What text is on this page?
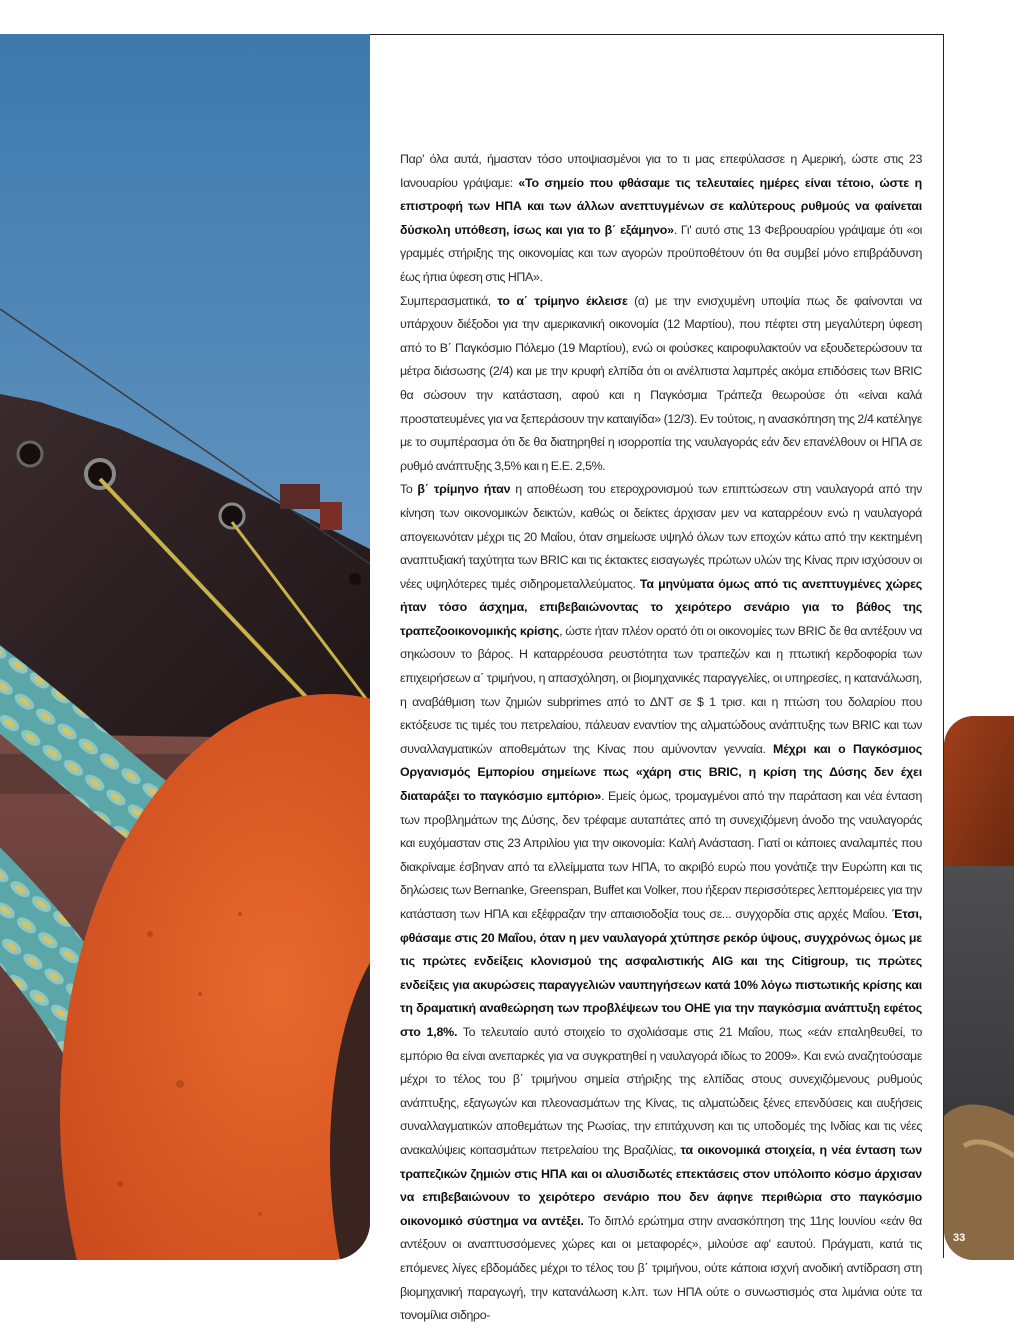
Παρ' όλα αυτά, ήμασταν τόσο υποψιασμένοι για το τι μας επεφύλασσε η Αμερική, ώστε στις 23 Ιανουαρίου γράψαμε: «Το σημείο που φθάσαμε τις τελευταίες ημέρες είναι τέτοιο, ώστε η επιστροφή των ΗΠΑ και των άλλων ανεπτυγμένων σε καλύτερους ρυθμούς να φαίνεται δύσκολη υπόθεση, ίσως και για το β΄ εξάμηνο». Γι' αυτό στις 13 Φεβρουαρίου γράψαμε ότι «οι γραμμές στήριξης της οικονομίας και των αγορών προϋποθέτουν ότι θα συμβεί μόνο επιβράδυνση έως ήπια ύφεση στις ΗΠΑ».

Συμπερασματικά, το α΄ τρίμηνο έκλεισε (α) με την ενισχυμένη υποψία πως δε φαίνονται να υπάρχουν διέξοδοι για την αμερικανική οικονομία (12 Μαρτίου), που πέφτει στη μεγαλύτερη ύφεση από το Β΄ Παγκόσμιο Πόλεμο (19 Μαρτίου), ενώ οι φούσκες καιροφυλακτούν να εξουδετερώσουν τα μέτρα διάσωσης (2/4) και με την κρυφή ελπίδα ότι οι ανέλπιστα λαμπρές ακόμα επιδόσεις των BRIC θα σώσουν την κατάσταση, αφού και η Παγκόσμια Τράπεζα θεωρούσε ότι «είναι καλά προστατευμένες για να ξεπεράσουν την καταιγίδα» (12/3). Εν τούτοις, η ανασκόπηση της 2/4 κατέληγε με το συμπέρασμα ότι δε θα διατηρηθεί η ισορροπία της ναυλαγοράς εάν δεν επανέλθουν οι ΗΠΑ σε ρυθμό ανάπτυξης 3,5% και η Ε.Ε. 2,5%.

Το β΄ τρίμηνο ήταν η αποθέωση του ετεροχρονισμού των επιπτώσεων στη ναυλαγορά από την κίνηση των οικονομικών δεικτών, καθώς οι δείκτες άρχισαν μεν να καταρρέουν ενώ η ναυλαγορά απογειωνόταν μέχρι τις 20 Μαΐου, όταν σημείωσε υψηλό όλων των εποχών κάτω από την κεκτημένη αναπτυξιακή ταχύτητα των BRIC και τις έκτακτες εισαγωγές πρώτων υλών της Κίνας πριν ισχύσουν οι νέες υψηλότερες τιμές σιδηρομεταλλεύματος. Τα μηνύματα όμως από τις ανεπτυγμένες χώρες ήταν τόσο άσχημα, επιβεβαιώνοντας το χειρότερο σενάριο για το βάθος της τραπεζοοικονομικής κρίσης, ώστε ήταν πλέον ορατό ότι οι οικονομίες των BRIC δε θα αντέξουν να σηκώσουν το βάρος. Η καταρρέουσα ρευστότητα των τραπεζών και η πτωτική κερδοφορία των επιχειρήσεων α΄ τριμήνου, η απασχόληση, οι βιομηχανικές παραγγελίες, οι υπηρεσίες, η κατανάλωση, η αναβάθμιση των ζημιών subprimes από το ΔΝΤ σε $ 1 τρισ. και η πτώση του δολαρίου που εκτόξευσε τις τιμές του πετρελαίου, πάλευαν εναντίον της αλματώδους ανάπτυξης των BRIC και των συναλλαγματικών αποθεμάτων της Κίνας που αμύνονταν γενναία. Μέχρι και ο Παγκόσμιος Οργανισμός Εμπορίου σημείωνε πως «χάρη στις BRIC, η κρίση της Δύσης δεν έχει διαταράξει το παγκόσμιο εμπόριο». Εμείς όμως, τρομαγμένοι από την παράταση και νέα ένταση των προβλημάτων της Δύσης, δεν τρέφαμε αυταπάτες από τη συνεχιζόμενη άνοδο της ναυλαγοράς και ευχόμασταν στις 23 Απριλίου για την οικονομία: Καλή Ανάσταση. Γιατί οι κάποιες αναλαμπές που διακρίναμε έσβηναν από τα ελλείμματα των ΗΠΑ, το ακριβό ευρώ που γονάτιζε την Ευρώπη και τις δηλώσεις των Bernanke, Greenspan, Buffet και Volker, που ήξεραν περισσότερες λεπτομέρειες για την κατάσταση των ΗΠΑ και εξέφραζαν την απαισιοδοξία τους σε... συγχορδία στις αρχές Μαΐου. Έτσι, φθάσαμε στις 20 Μαΐου, όταν η μεν ναυλαγορά χτύπησε ρεκόρ ύψους, συγχρόνως όμως με τις πρώτες ενδείξεις κλονισμού της ασφαλιστικής AIG και της Citigroup, τις πρώτες ενδείξεις για ακυρώσεις παραγγελιών ναυπηγήσεων κατά 10% λόγω πιστωτικής κρίσης και τη δραματική αναθεώρηση των προβλέψεων του ΟΗΕ για την παγκόσμια ανάπτυξη εφέτος στο 1,8%. Το τελευταίο αυτό στοιχείο το σχολιάσαμε στις 21 Μαΐου, πως «εάν επαληθευθεί, το εμπόριο θα είναι ανεπαρκές για να συγκρατηθεί η ναυλαγορά ιδίως το 2009». Και ενώ αναζητούσαμε μέχρι το τέλος του β΄ τριμήνου σημεία στήριξης της ελπίδας στους συνεχιζόμενους ρυθμούς ανάπτυξης, εξαγωγών και πλεονασμάτων της Κίνας, τις αλματώδεις ξένες επενδύσεις και αυξήσεις συναλλαγματικών αποθεμάτων της Ρωσίας, την επιτάχυνση και τις υποδομές της Ινδίας και τις νέες ανακαλύψεις κοιτασμάτων πετρελαίου της Βραζιλίας, τα οικονομικά στοιχεία, η νέα ένταση των τραπεζικών ζημιών στις ΗΠΑ και οι αλυσιδωτές επεκτάσεις στον υπόλοιπο κόσμο άρχισαν να επιβεβαιώνουν το χειρότερο σενάριο που δεν άφηνε περιθώρια στο παγκόσμιο οικονομικό σύστημα να αντέξει. Το διπλό ερώτημα στην ανασκόπηση της 11ης Ιουνίου «εάν θα αντέξουν οι αναπτυσσόμενες χώρες και οι μεταφορές», μιλούσε αφ' εαυτού. Πράγματι, κατά τις επόμενες λίγες εβδομάδες μέχρι το τέλος του β΄ τριμήνου, ούτε κάποια ισχνή ανοδική αντίδραση στη βιομηχανική παραγωγή, την κατανάλωση κ.λπ. των ΗΠΑ ούτε ο συνωστισμός στα λιμάνια ούτε τα τονομίλια σιδηρο-

33
